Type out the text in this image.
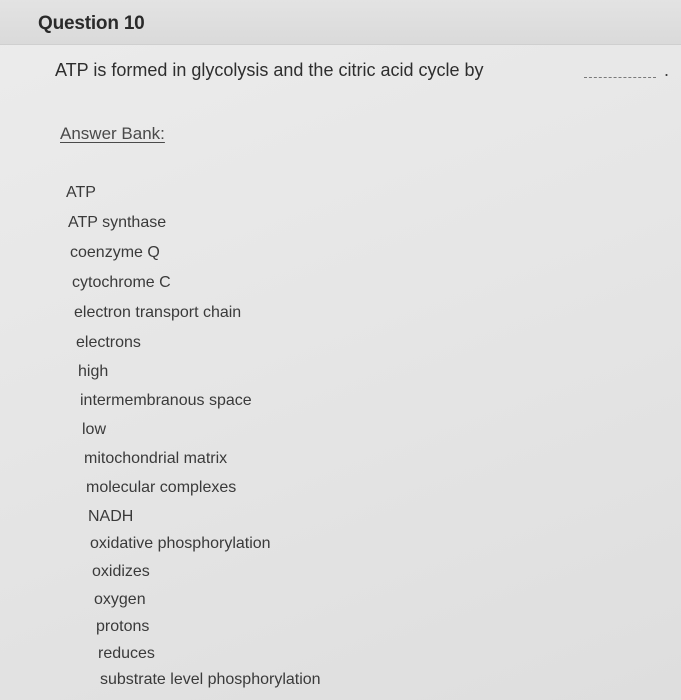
Question 10
ATP is formed in glycolysis and the citric acid cycle by	.
Answer Bank:
ATP
ATP synthase
coenzyme Q
cytochrome C
electron transport chain
electrons
high
intermembranous space
low
mitochondrial matrix
molecular complexes
NADH
oxidative phosphorylation
oxidizes
oxygen
protons
reduces
substrate level phosphorylation
